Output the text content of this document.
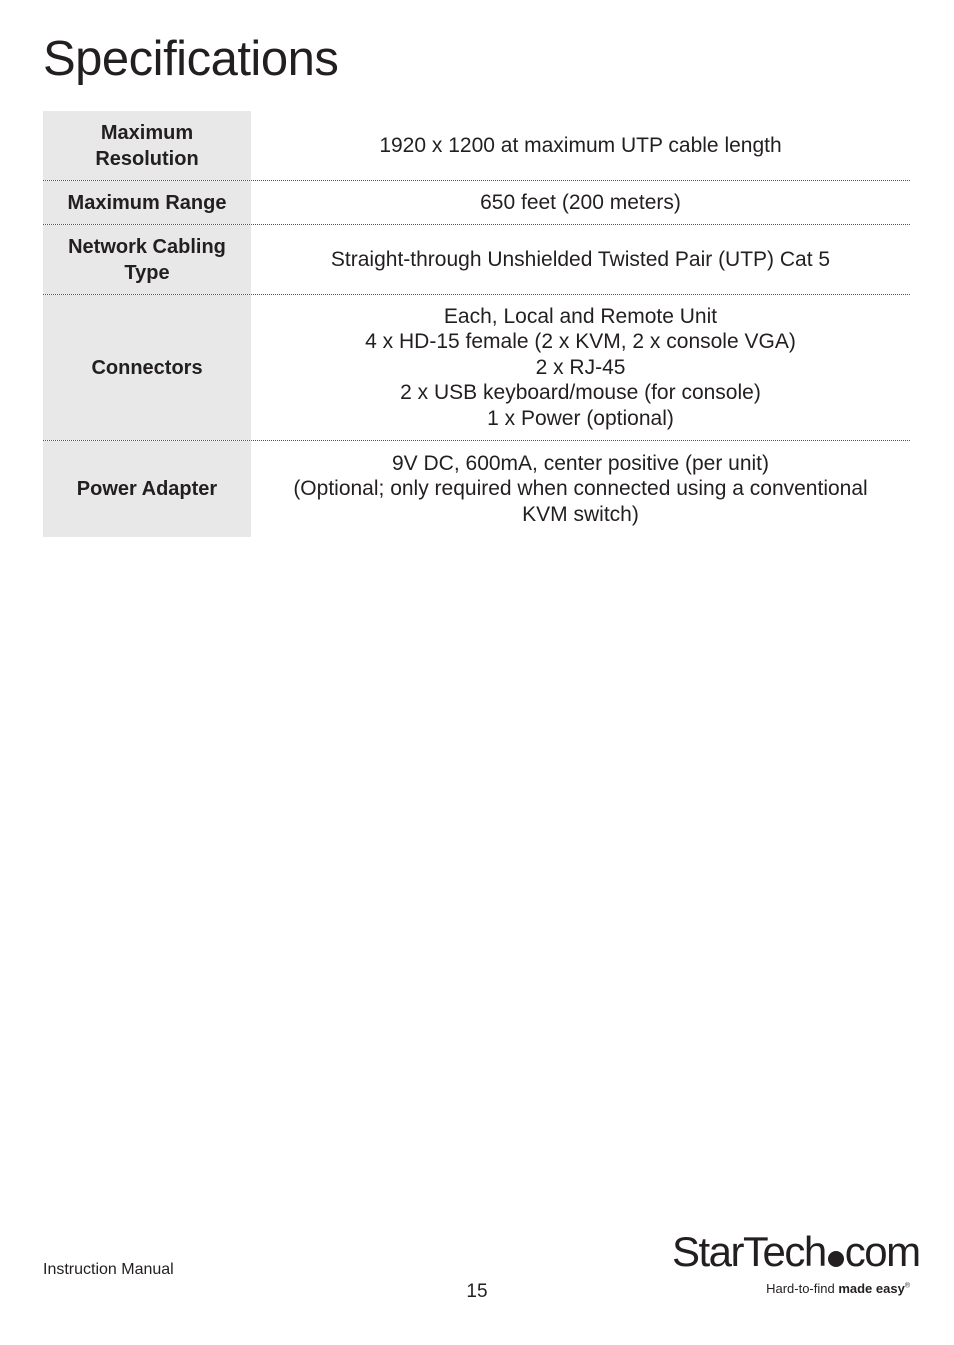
Specifications
Maximum Resolution
1920 x 1200 at maximum UTP cable length
Maximum Range	650 feet (200 meters)
Network Cabling Type
Straight-through Unshielded Twisted Pair (UTP) Cat 5
Connectors
Each, Local and Remote Unit
4 x HD-15 female (2 x KVM, 2 x console VGA)
2 x RJ-45
2 x USB keyboard/mouse (for console)
1 x Power (optional)
Power Adapter
9V DC, 600mA, center positive (per unit)
(Optional; only required when connected using a conventional
KVM switch)
Instruction Manual
15
StarTech com
Hard-to-find made easy®
